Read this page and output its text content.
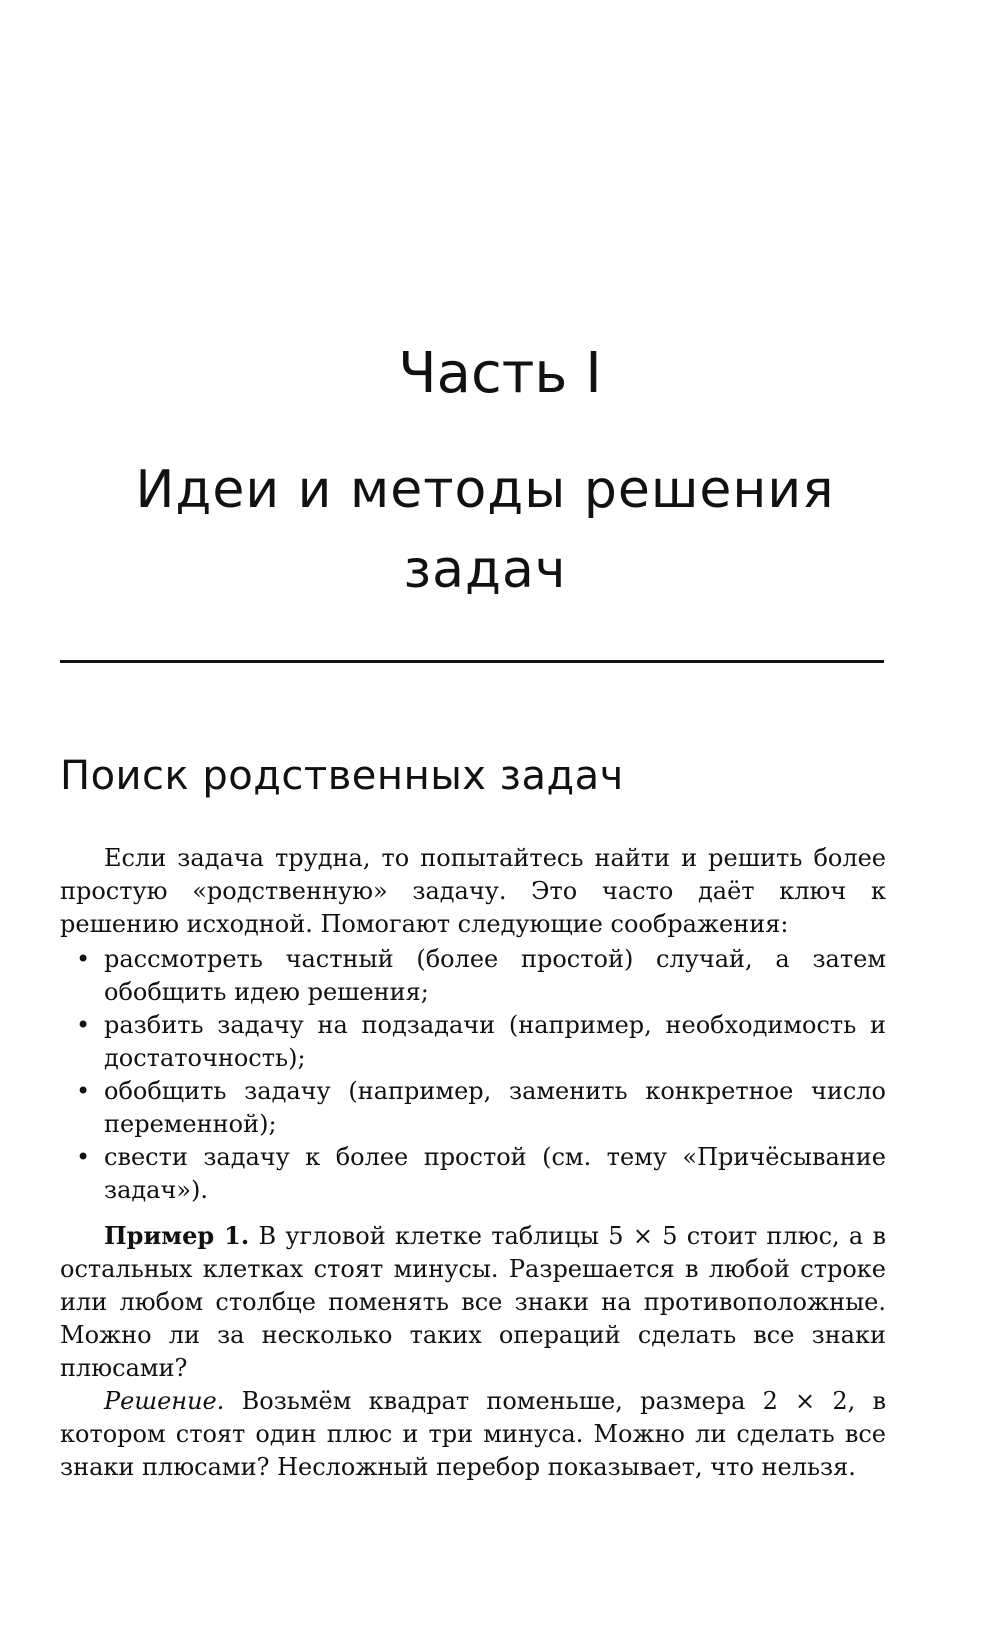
Часть I
Идеи и методы решения задач
Поиск родственных задач

Если задача трудна, то попытайтесь найти и решить более простую «родственную» задачу. Это часто даёт ключ к решению исходной. Помогают следующие соображения:

• рассмотреть частный (более простой) случай, а затем обобщить идею решения;
• разбить задачу на подзадачи (например, необходимость и достаточность);
• обобщить задачу (например, заменить конкретное число переменной);
• свести задачу к более простой (см. тему «Причёсывание задач»).

Пример 1. В угловой клетке таблицы 5 × 5 стоит плюс, а в остальных клетках стоят минусы. Разрешается в любой строке или любом столбце поменять все знаки на противоположные. Можно ли за несколько таких операций сделать все знаки плюсами?

Решение. Возьмём квадрат поменьше, размера 2 × 2, в котором стоят один плюс и три минуса. Можно ли сделать все знаки плюсами? Несложный перебор показывает, что нельзя.
